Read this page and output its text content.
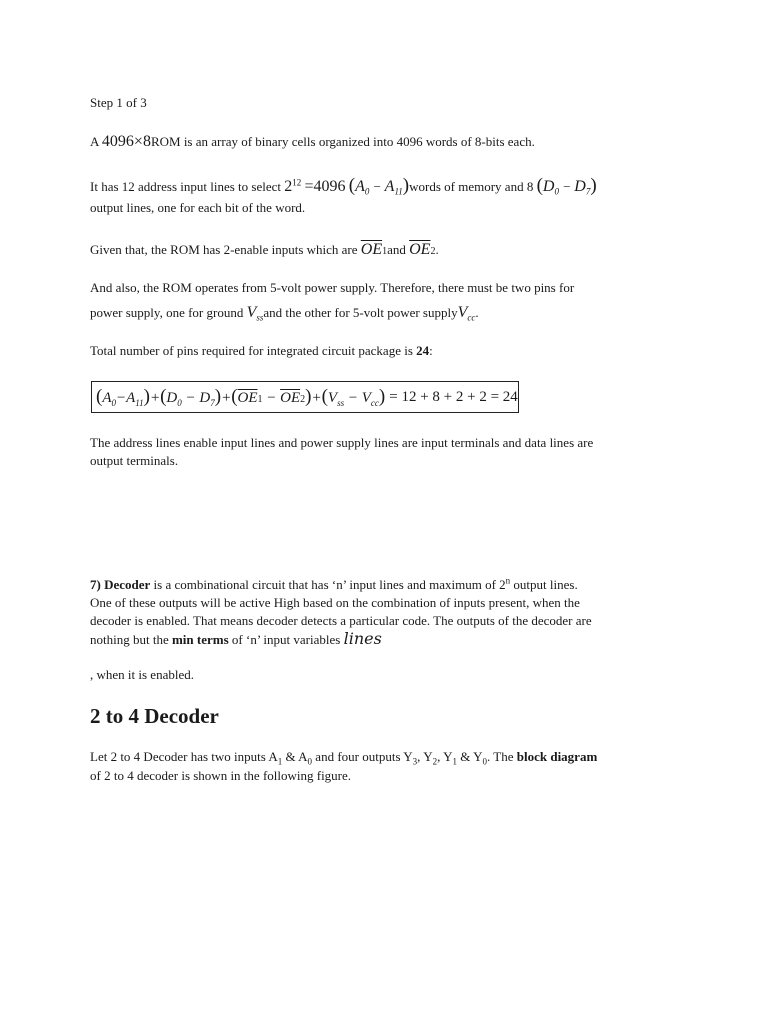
Step 1 of 3
A 4096×8ROM is an array of binary cells organized into 4096 words of 8-bits each.
It has 12 address input lines to select $2^{12} =4096$ ($A_0$ − $A_{11})words$ of memory and 8 $(D_0 - D_7)$
output lines, one for each bit of the word.
Given that, the ROM has 2-enable inputs which are $\overline{OE}1and$ $\overline{OE}2$.
And also, the ROM operates from 5-volt power supply. Therefore, there must be two pins for
power supply, one for ground $V_{ss}and$ the other for 5-volt power supplyV$_{cc}$.
Total number of pins required for integrated circuit package is 24:
$(A_0-A_{11})+(D_0 - D_7)+(\overline{OE}1 - \overline{OE}2)+(V_{ss} - V_{cc}) = 12 + 8 + 2 + 2 = 24$
The address lines enable input lines and power supply lines are input terminals and data lines are
output terminals.
7) Decoder is a combinational circuit that has ‘n’ input lines and maximum of 2$^n$ output lines.
One of these outputs will be active High based on the combination of inputs present, when the
decoder is enabled. That means decoder detects a particular code. The outputs of the decoder are
nothing but the min terms of ‘n’ input variables lines
, when it is enabled.
2 to 4 Decoder
Let 2 to 4 Decoder has two inputs $A_1$ & $A_0$ and four outputs $Y_3$, $Y_2$, $Y_1$ & $Y_0$. The block diagram
of 2 to 4 decoder is shown in the following figure.
